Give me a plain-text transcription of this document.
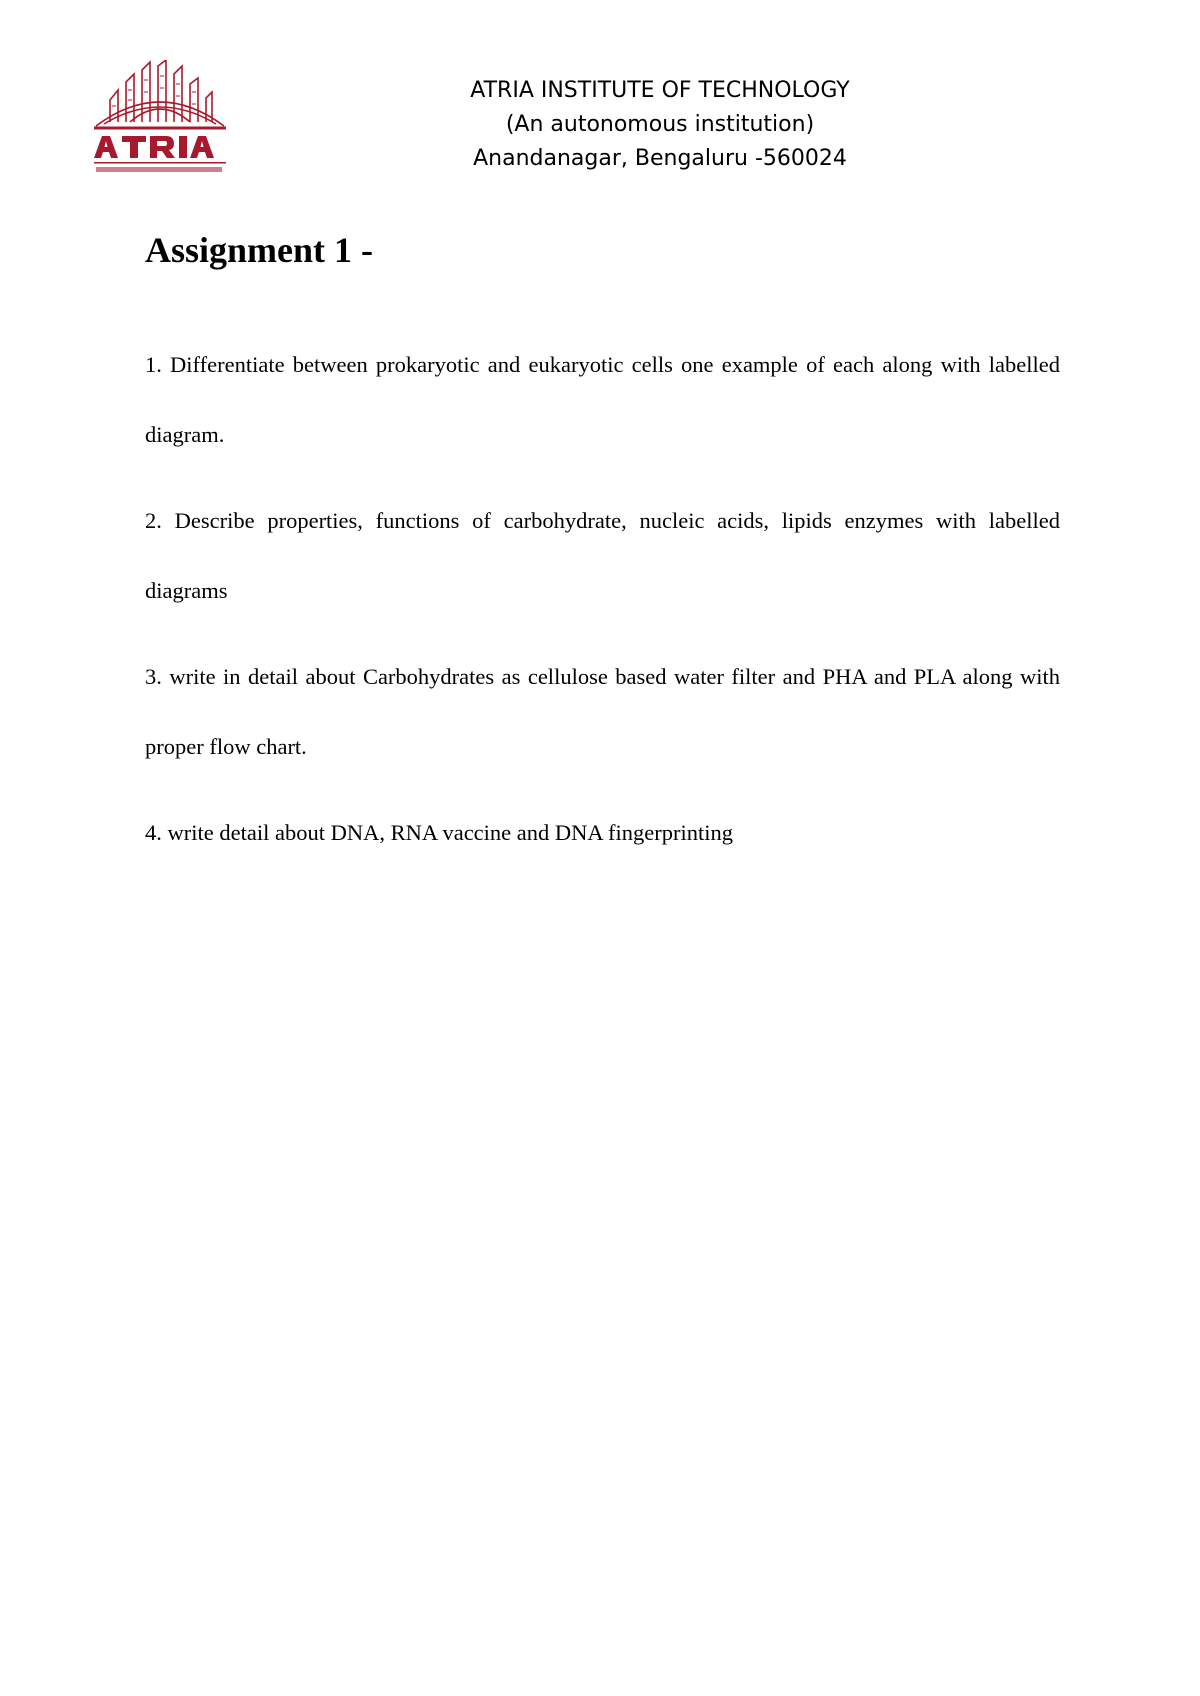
ATRIA INSTITUTE OF TECHNOLOGY
(An autonomous institution)
Anandanagar, Bengaluru -560024
Assignment 1 -

1. Differentiate between prokaryotic and eukaryotic cells one example of each along with labelled diagram.

2. Describe properties, functions of carbohydrate, nucleic acids, lipids enzymes with labelled diagrams

3. write in detail about Carbohydrates as cellulose based water filter and PHA and PLA along with proper flow chart.

4. write detail about DNA, RNA vaccine and DNA fingerprinting
